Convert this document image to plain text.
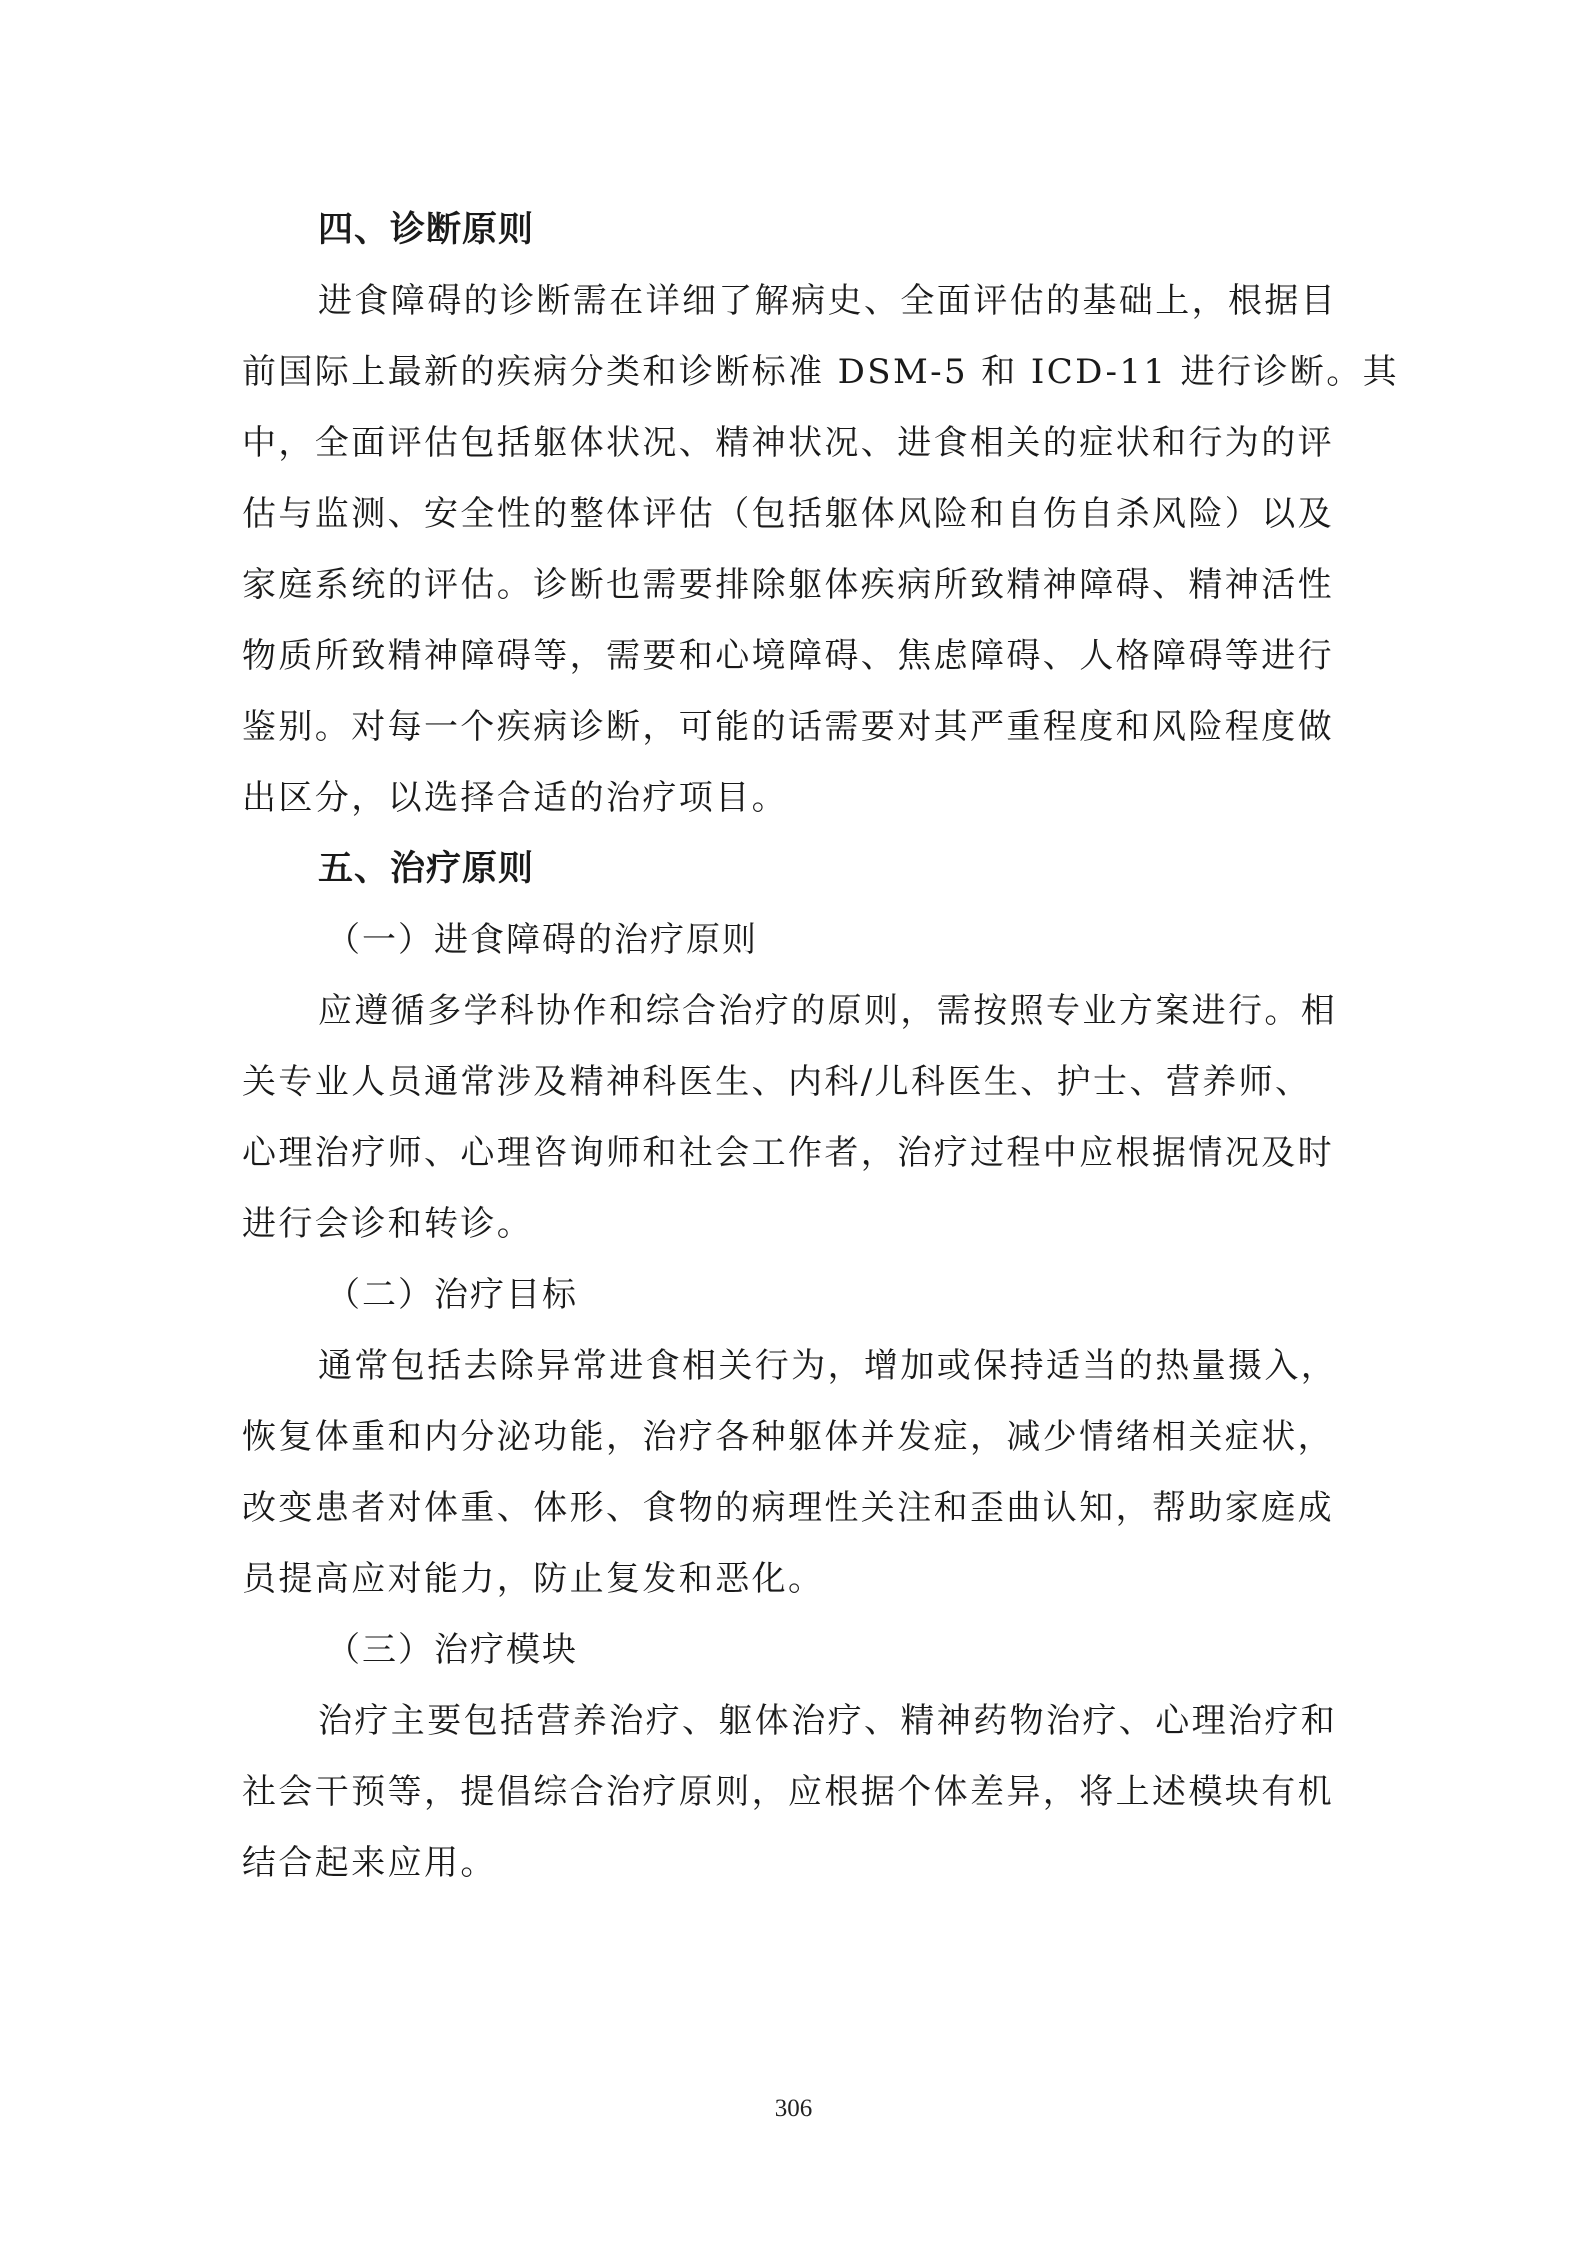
四、诊断原则
进食障碍的诊断需在详细了解病史、全面评估的基础上，根据目
前国际上最新的疾病分类和诊断标准 DSM-5 和 ICD-11 进行诊断。其
中，全面评估包括躯体状况、精神状况、进食相关的症状和行为的评
估与监测、安全性的整体评估（包括躯体风险和自伤自杀风险）以及
家庭系统的评估。诊断也需要排除躯体疾病所致精神障碍、精神活性
物质所致精神障碍等，需要和心境障碍、焦虑障碍、人格障碍等进行
鉴别。对每一个疾病诊断，可能的话需要对其严重程度和风险程度做
出区分，以选择合适的治疗项目。
五、治疗原则
（一）进食障碍的治疗原则
应遵循多学科协作和综合治疗的原则，需按照专业方案进行。相
关专业人员通常涉及精神科医生、内科/儿科医生、护士、营养师、
心理治疗师、心理咨询师和社会工作者，治疗过程中应根据情况及时
进行会诊和转诊。
（二）治疗目标
通常包括去除异常进食相关行为，增加或保持适当的热量摄入，
恢复体重和内分泌功能，治疗各种躯体并发症，减少情绪相关症状，
改变患者对体重、体形、食物的病理性关注和歪曲认知，帮助家庭成
员提高应对能力，防止复发和恶化。
（三）治疗模块
治疗主要包括营养治疗、躯体治疗、精神药物治疗、心理治疗和
社会干预等，提倡综合治疗原则，应根据个体差异，将上述模块有机
结合起来应用。
306
